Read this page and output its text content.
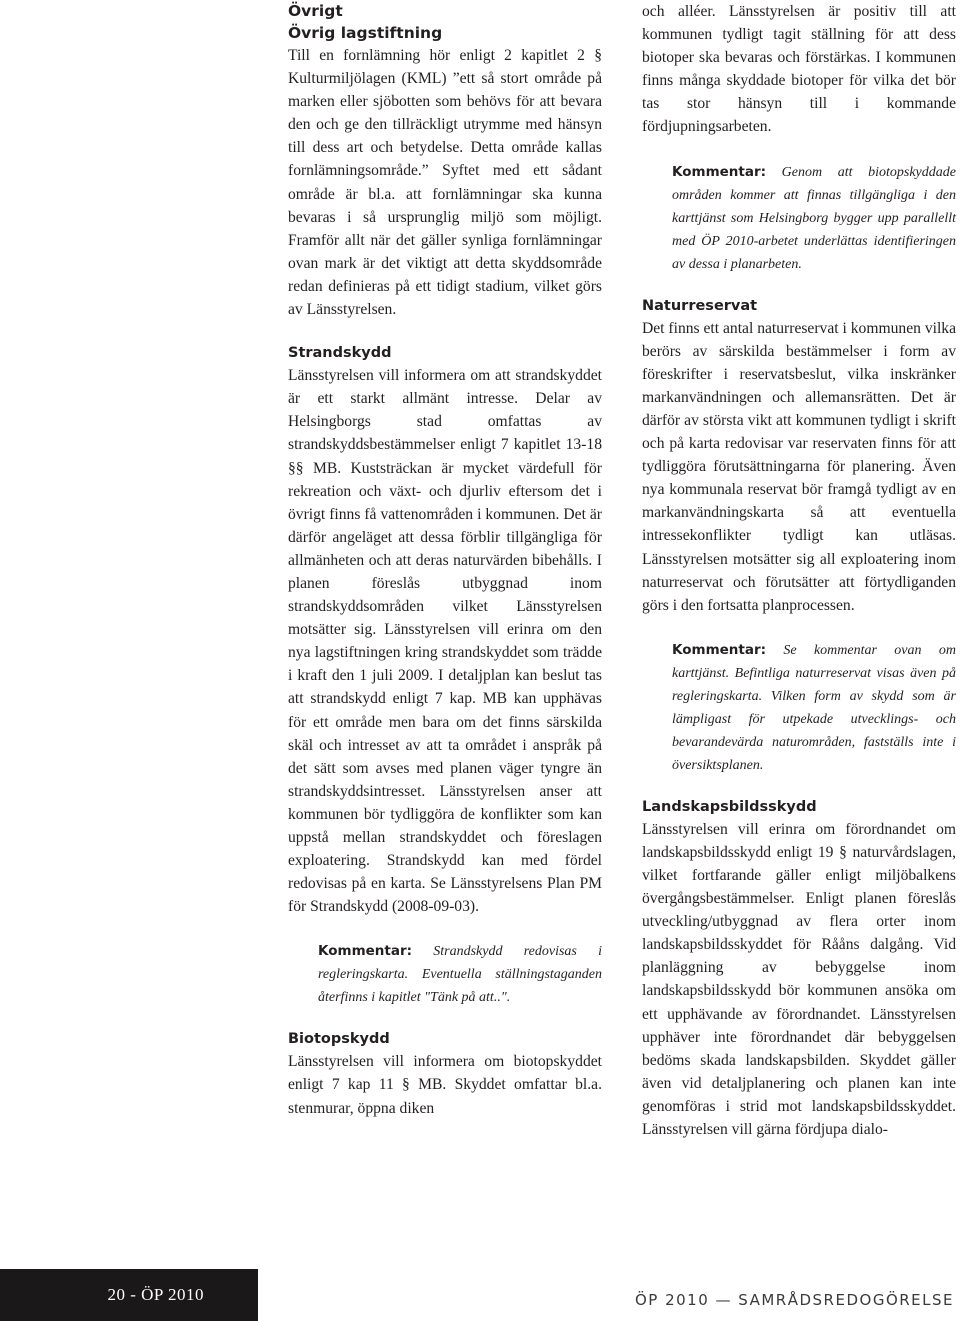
Övrigt

Övrig lagstiftning

Till en fornlämning hör enligt 2 kapitlet 2 § Kulturmiljölagen (KML) ”ett så stort område på marken eller sjöbotten som behövs för att bevara den och ge den tillräckligt utrymme med hänsyn till dess art och betydelse. Detta område kallas fornlämningsområde.” Syftet med ett sådant område är bl.a. att fornlämningar ska kunna bevaras i så ursprunglig miljö som möjligt. Framför allt när det gäller synliga fornlämningar ovan mark är det viktigt att detta skyddsområde redan definieras på ett tidigt stadium, vilket görs av Länsstyrelsen.

Strandskydd

Länsstyrelsen vill informera om att strandskyddet är ett starkt allmänt intresse. Delar av Helsingborgs stad omfattas av strandskyddsbestämmelser enligt 7 kapitlet 13-18 §§ MB. Kuststräckan är mycket värdefull för rekreation och växt- och djurliv eftersom det i övrigt finns få vattenområden i kommunen. Det är därför angeläget att dessa förblir tillgängliga för allmänheten och att deras naturvärden bibehålls. I planen föreslås utbyggnad inom strandskyddsområden vilket Länsstyrelsen motsätter sig. Länsstyrelsen vill erinra om den nya lagstiftningen kring strandskyddet som trädde i kraft den 1 juli 2009. I detaljplan kan beslut tas att strandskydd enligt 7 kap. MB kan upphävas för ett område men bara om det finns särskilda skäl och intresset av att ta området i anspråk på det sätt som avses med planen väger tyngre än strandskyddsintresset. Länsstyrelsen anser att kommunen bör tydliggöra de konflikter som kan uppstå mellan strandskyddet och föreslagen exploatering. Strandskydd kan med fördel redovisas på en karta. Se Länsstyrelsens Plan PM för Strandskydd (2008-09-03).

Kommentar: Strandskydd redovisas i regleringskarta. Eventuella ställningstaganden återfinns i kapitlet "Tänk på att..".

Biotopskydd

Länsstyrelsen vill informera om biotopskyddet enligt 7 kap 11 § MB. Skyddet omfattar bl.a. stenmurar, öppna diken

och alléer. Länsstyrelsen är positiv till att kommunen tydligt tagit ställning för att dess biotoper ska bevaras och förstärkas. I kommunen finns många skyddade biotoper för vilka det bör tas stor hänsyn till i kommande fördjupningsarbeten.

Kommentar: Genom att biotopskyddade områden kommer att finnas tillgängliga i den karttjänst som Helsingborg bygger upp parallellt med ÖP 2010-arbetet underlättas identifieringen av dessa i planarbeten.

Naturreservat

Det finns ett antal naturreservat i kommunen vilka berörs av särskilda bestämmelser i form av föreskrifter i reservatsbeslut, vilka inskränker markanvändningen och allemansrätten. Det är därför av största vikt att kommunen tydligt i skrift och på karta redovisar var reservaten finns för att tydliggöra förutsättningarna för planering. Även nya kommunala reservat bör framgå tydligt av en markanvändningskarta så att eventuella intressekonflikter tydligt kan utläsas. Länsstyrelsen motsätter sig all exploatering inom naturreservat och förutsätter att förtydliganden görs i den fortsatta planprocessen.

Kommentar: Se kommentar ovan om karttjänst. Befintliga naturreservat visas även på regleringskarta. Vilken form av skydd som är lämpligast för utpekade utvecklings- och bevarandevärda naturområden, fastställs inte i översiktsplanen.

Landskapsbildsskydd

Länsstyrelsen vill erinra om förordnandet om landskapsbildsskydd enligt 19 § naturvårdslagen, vilket fortfarande gäller enligt miljöbalkens övergångsbestämmelser. Enligt planen föreslås utveckling/utbyggnad av flera orter inom landskapsbildsskyddet för Rååns dalgång. Vid planläggning av bebyggelse inom landskapsbildsskydd bör kommunen ansöka om ett upphävande av förordnandet. Länsstyrelsen upphäver inte förordnandet där bebyggelsen bedöms skada landskapsbilden. Skyddet gäller även vid detaljplanering och planen kan inte genomföras i strid mot landskapsbildsskyddet. Länsstyrelsen vill gärna fördjupa dialo-

20 - ÖP 2010	ÖP 2010 — SAMRÅDSREDOGÖRELSE
